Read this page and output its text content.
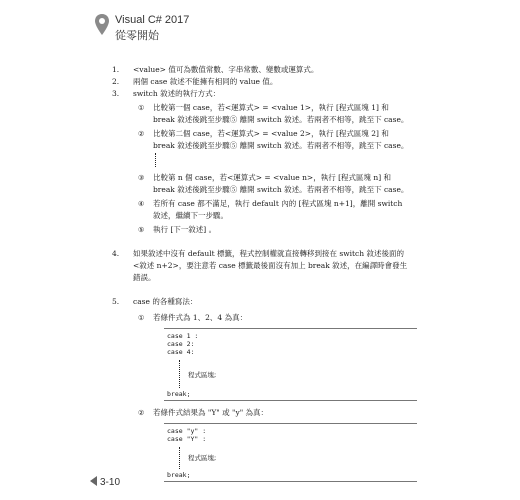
Visual C# 2017
從零開始
1. <value> 值可為數值常數、字串常數、變數或運算式。
2. 兩個 case 敘述不能擁有相同的 value 值。
3. switch 敘述的執行方式：
① 比較第一個 case，若<運算式> = <value 1>，執行 [程式區塊 1] 和 break 敘述後跳至步驟⑤ 離開 switch 敘述。若兩者不相等，跳至下 case。
② 比較第二個 case，若<運算式> = <value 2>，執行 [程式區塊 2] 和 break 敘述後跳至步驟⑤ 離開 switch 敘述。若兩者不相等，跳至下 case。
③ 比較第 n 個 case，若<運算式> = <value n>，執行 [程式區塊 n] 和 break 敘述後跳至步驟⑤ 離開 switch 敘述。若兩者不相等，跳至下 case。
④ 若所有 case 都不滿足，執行 default 內的 [程式區塊 n+1]，離開 switch 敘述，繼續下一步驟。
⑤ 執行 [下一敘述] 。
4. 如果敘述中沒有 default 標籤，程式控制權就直接轉移到接在 switch 敘述後面的 <敘述 n+2>，要注意若 case 標籤最後面沒有加上 break 敘述，在編譯時會發生錯誤。
5. case 的各種寫法：
① 若條件式為 1、2、4 為真：
case 1 :
case 2:
case 4:
程式區塊;
break;
② 若條件式結果為 "Y" 或 "y" 為真：
case "y" :
case "Y" :
程式區塊;
break;
3-10
